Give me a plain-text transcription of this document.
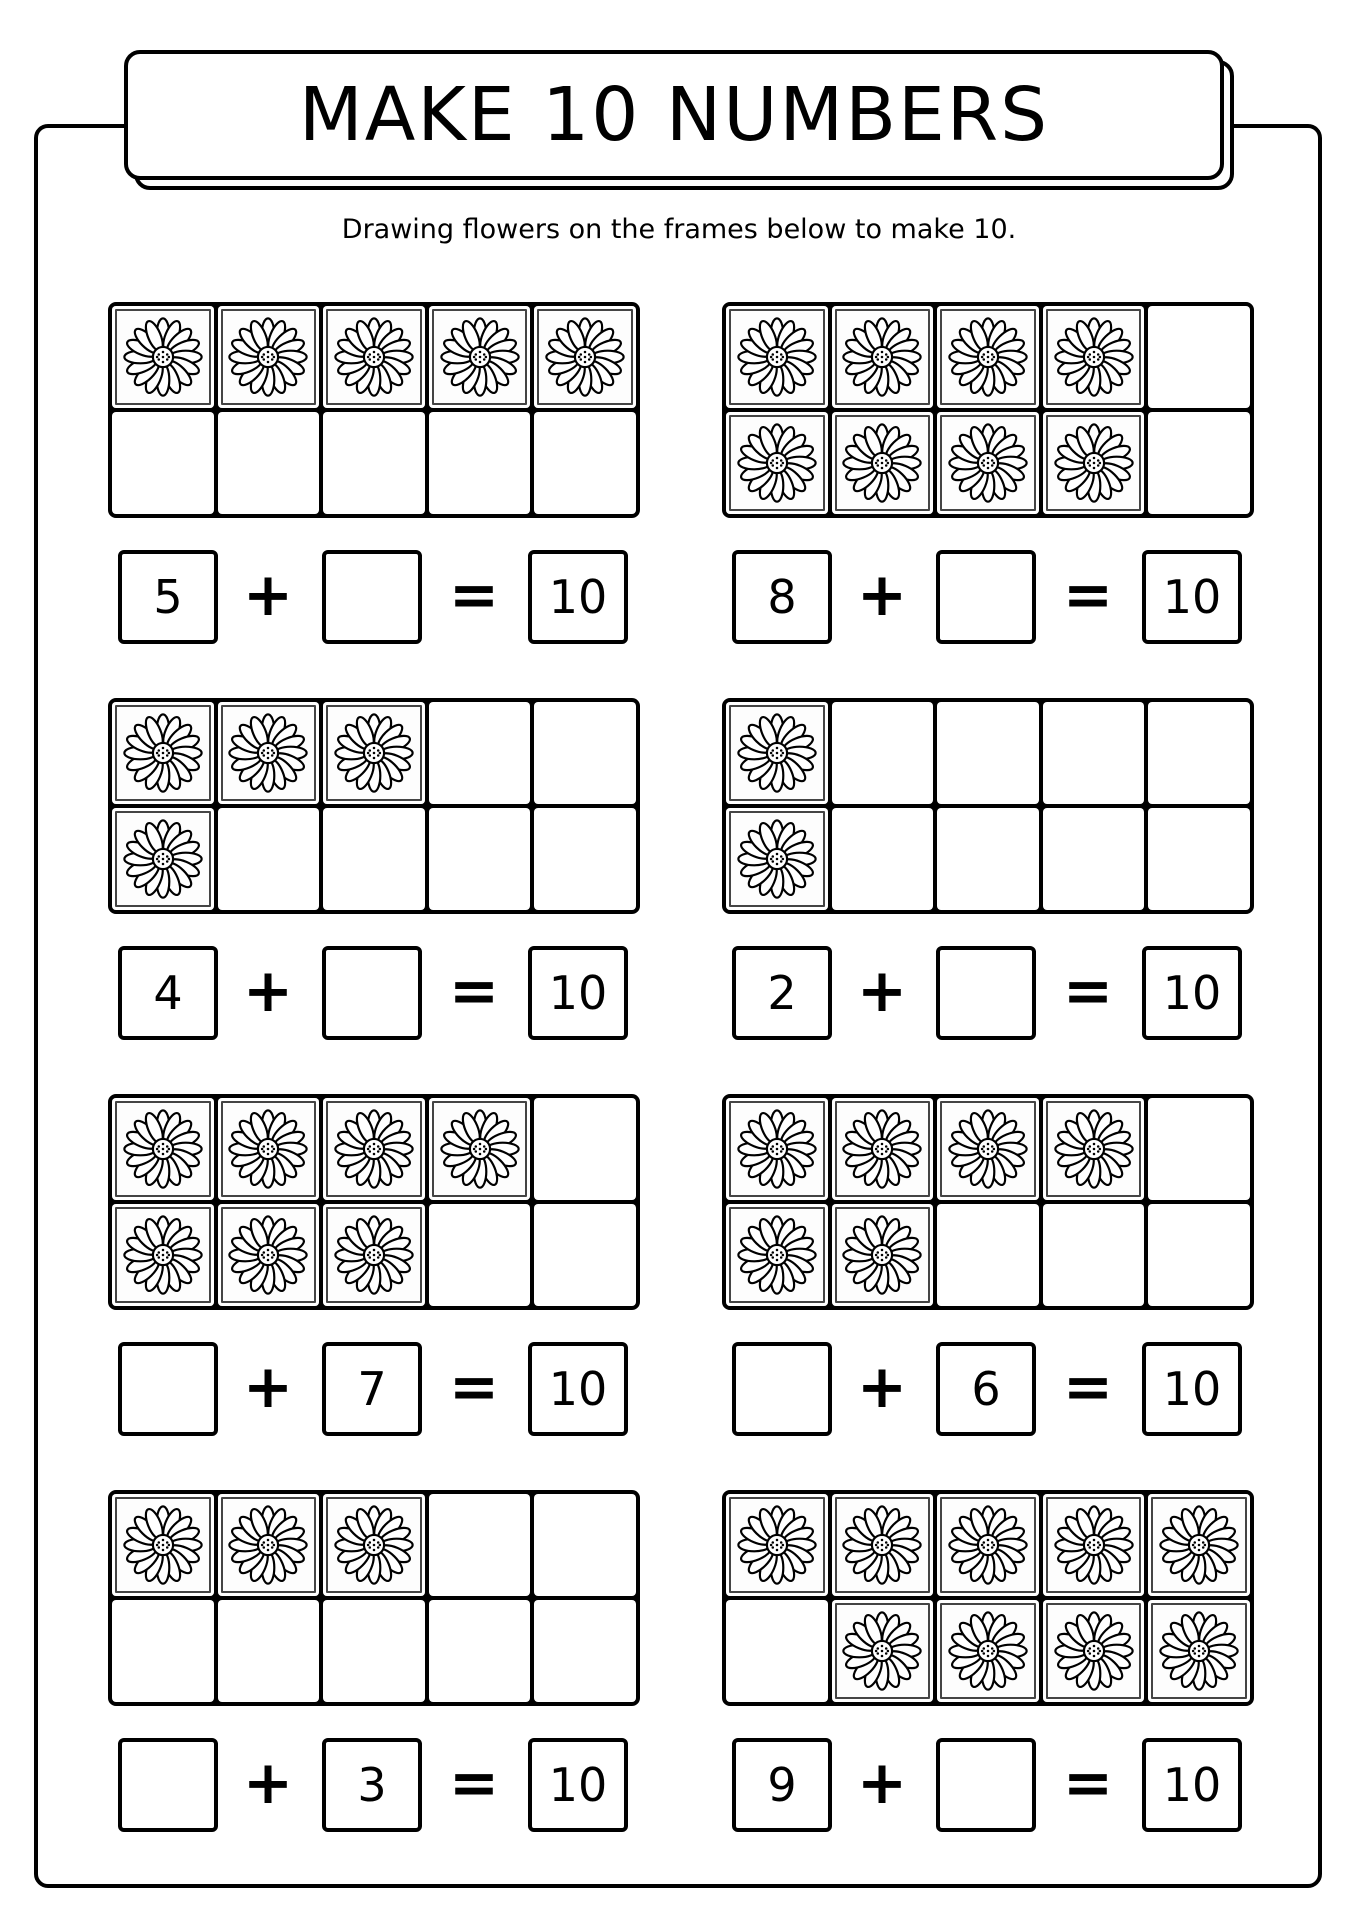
MAKE 10 NUMBERS
Drawing flowers on the frames below to make 10.
5	+	=	10	8	+	=	10
4	+	=	10	2	+	=	10
+	7	=	10	+	6	=	10
+	3	=	10	9	+	=	10
